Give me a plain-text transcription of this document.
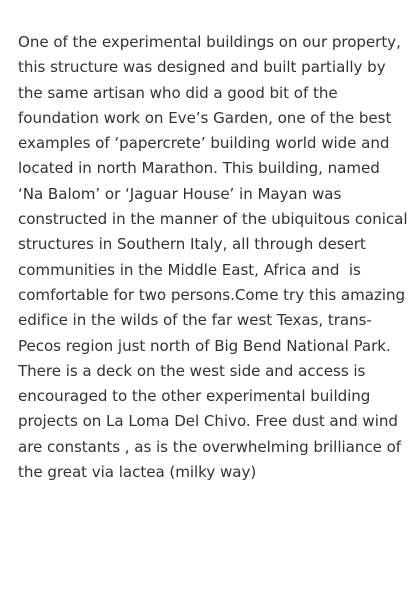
One of the experimental buildings on our property, this structure was designed and built partially by the same artisan who did a good bit of the foundation work on Eve’s Garden, one of the best examples of ‘papercrete’ building world wide and located in north Marathon. This building, named ‘Na Balom’ or ‘Jaguar House’ in Mayan was constructed in the manner of the ubiquitous conical structures in Southern Italy, all through desert communities in the Middle East, Africa and  is comfortable for two persons.Come try this amazing edifice in the wilds of the far west Texas, trans-Pecos region just north of Big Bend National Park.

There is a deck on the west side and access is encouraged to the other experimental building projects on La Loma Del Chivo. Free dust and wind are constants , as is the overwhelming brilliance of the great via lactea (milky way)
